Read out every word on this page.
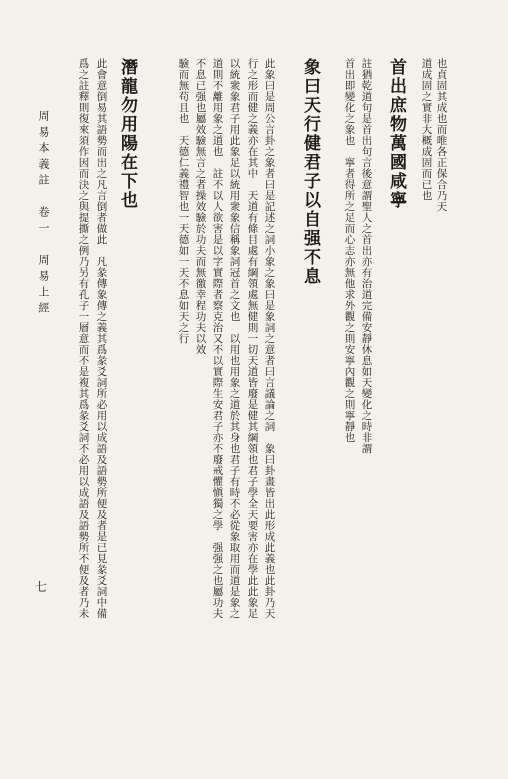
也貞固其成也而唯各正保合乃天
道成固之實非大概成固而已也
首出庶物萬國咸寧
註猶乾道句是首出句言後意謂聖人之首出亦有治道完備安靜休息如天變化之時非謂
首出即變化之象也　寧者得所之足而心志亦無他求外觀之則安寧內觀之則寧靜也
象曰天行健君子以自强不息
此象曰是周公言卦之象者曰是記述之詞小象之象曰是象詞之意者曰言議論之詞　象曰卦畫皆出此形成此義也此卦乃天
行之形而健之義亦在其中　天道有條目處有綱領處無健則一切天道皆廢是健其綱領也君子學全天要害亦在學此此象足
以統衆象君子用此象足以統用衆象信稱象詞冠首之文也　以用也用象之道於其身也君子有時不必從象取用而道是象之
道則不離用象之道也　註不以人欲害是以字實際者察克治又不以實際生安君子亦不廢戒懼愼獨之學　强强之也屬功夫
不息已强也屬效驗無言之者操效驗於功夫而無徼幸程功夫以效
驗而無苟且也　天德仁義禮智也一天德如一天不息如天之行
潛龍勿用陽在下也
此會意倒易其語勢而出之凡言倒者做此　凡彖傳象傳之義其爲彖爻詞所必用以成語及語勢所便及者是已見彖爻詞中備
爲之註釋則復來須作因而決之與提撕之例乃另有孔子一層意而不是複其爲彖爻詞不必用以成語及語勢所不便及者乃未
周易本義註　卷一　周易上經
七
